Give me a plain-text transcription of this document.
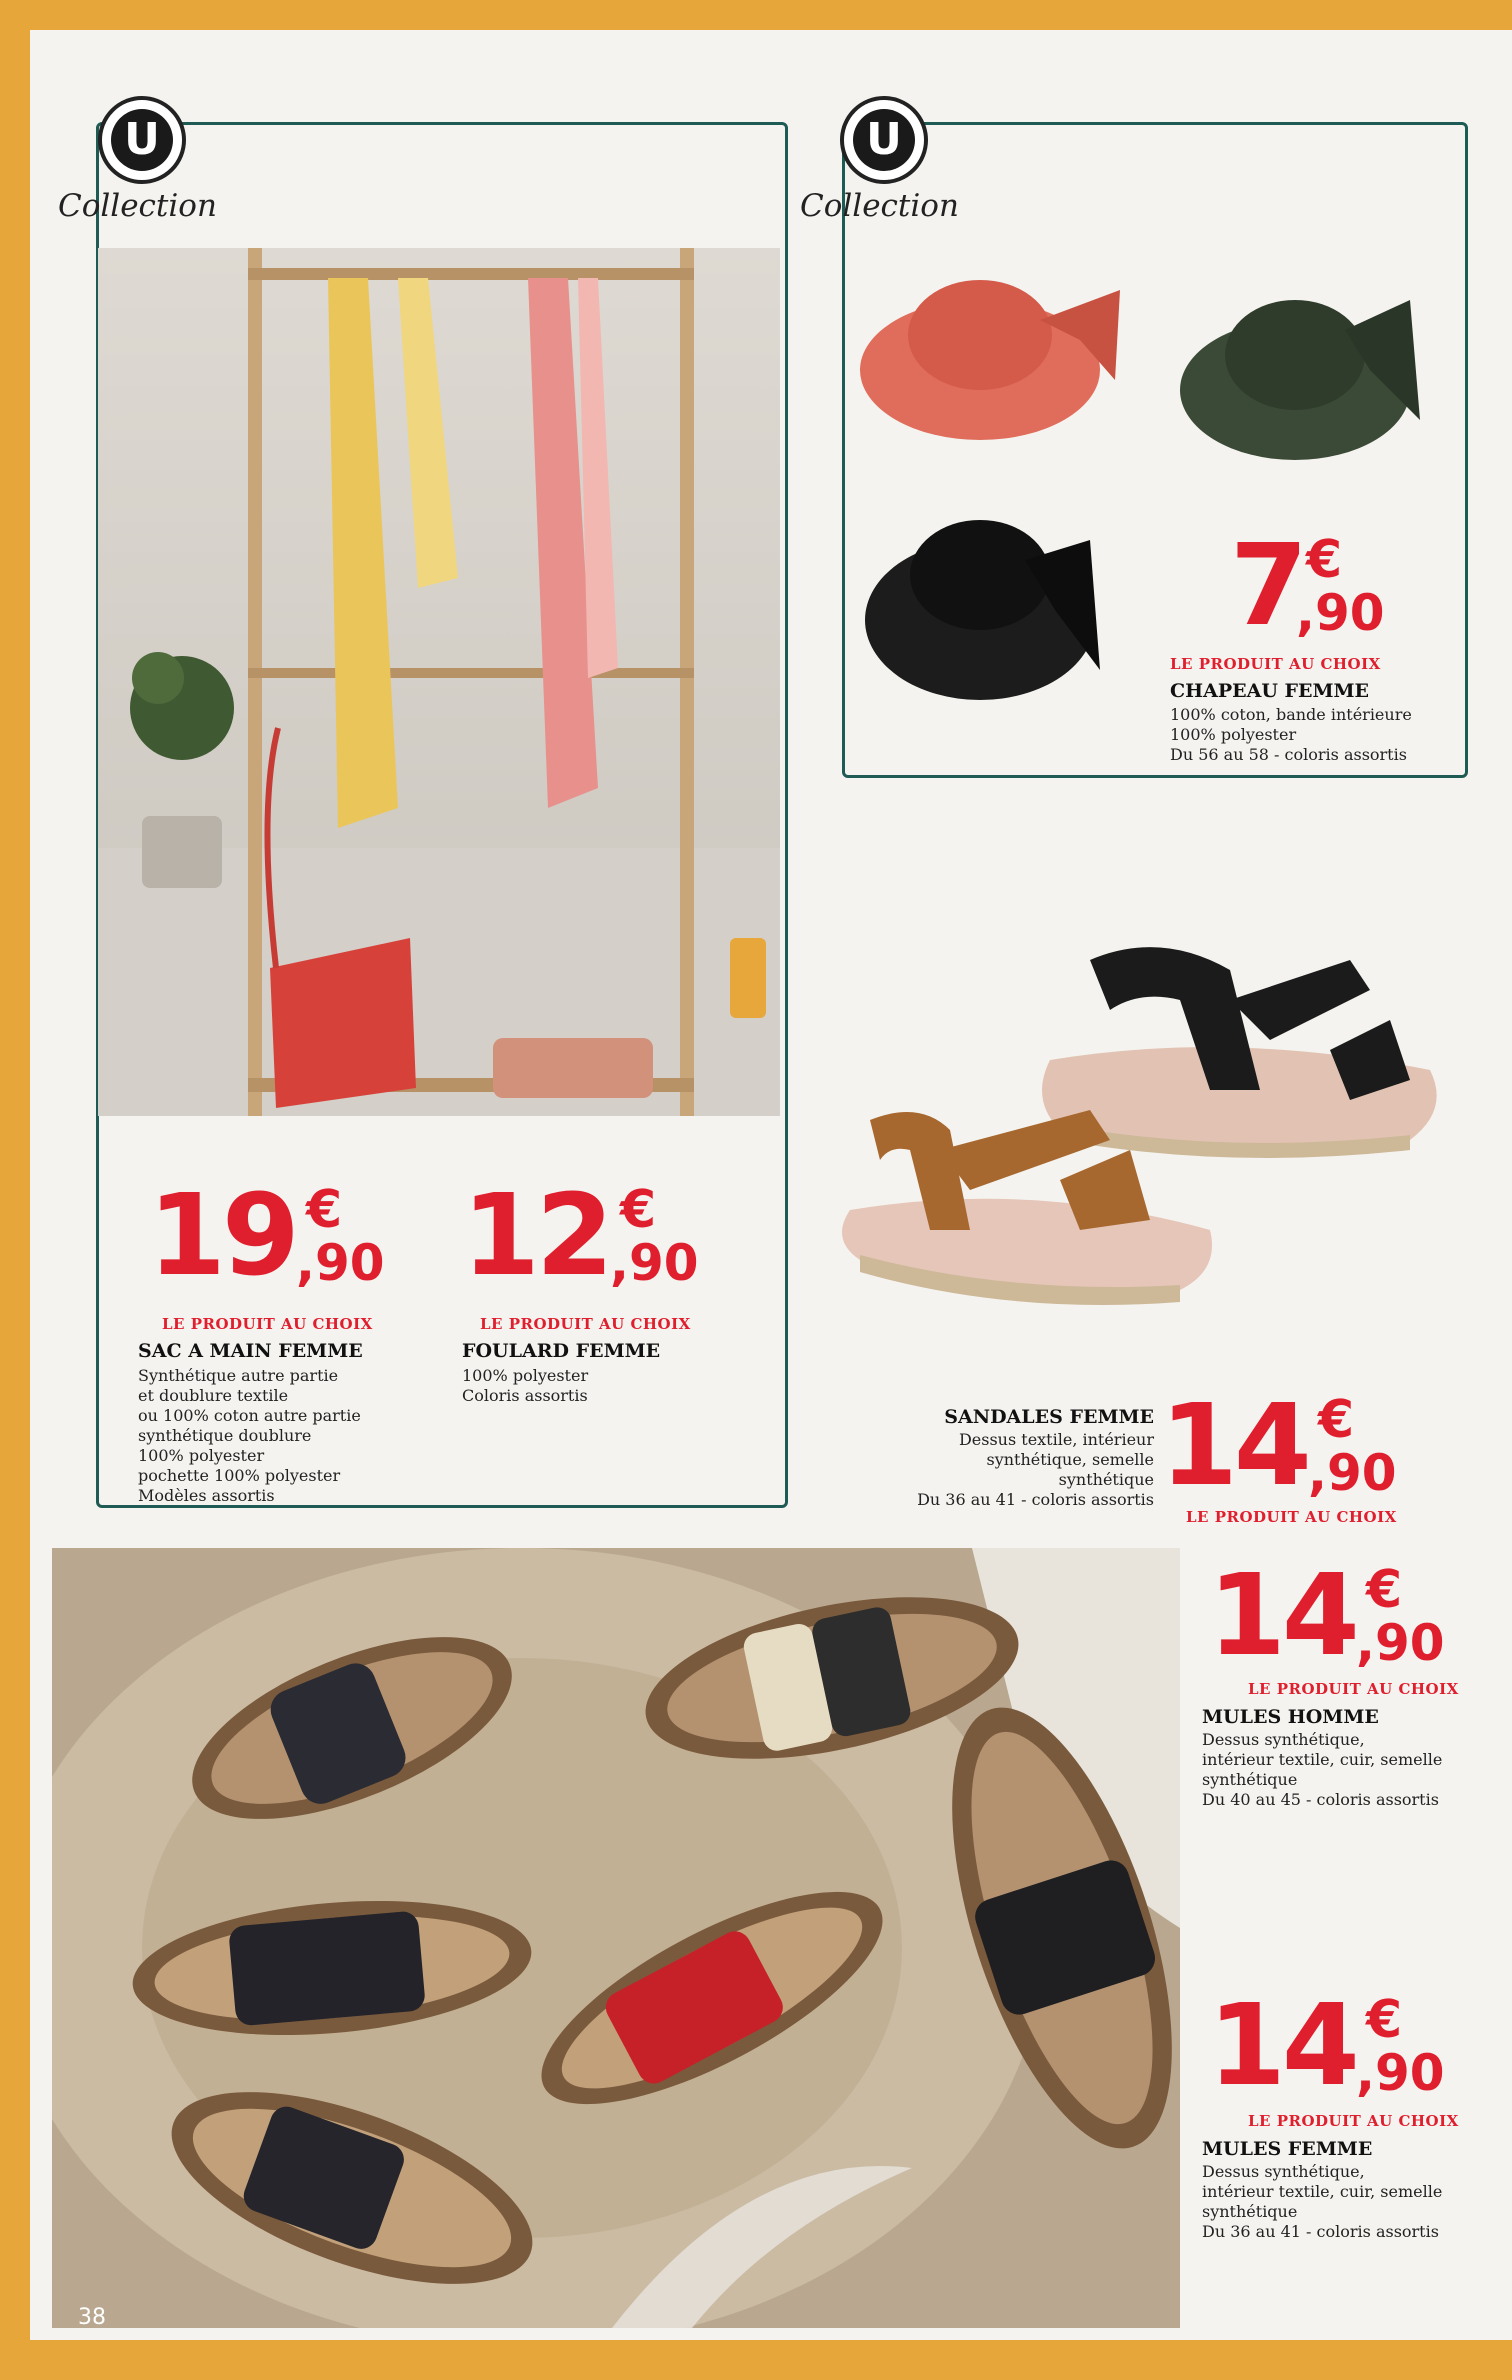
U
Collection
19 €
,90
LE PRODUIT AU CHOIX
SAC A MAIN FEMME
Synthétique autre partie
et doublure textile
ou 100% coton autre partie
synthétique doublure
100% polyester
pochette 100% polyester
Modèles assortis
12 €
,90
LE PRODUIT AU CHOIX
FOULARD FEMME
100% polyester
Coloris assortis
U
Collection
7 €
,90
LE PRODUIT AU CHOIX
CHAPEAU FEMME
100% coton, bande intérieure
100% polyester
Du 56 au 58 - coloris assortis
SANDALES FEMME
Dessus textile, intérieur
synthétique, semelle
synthétique
Du 36 au 41 - coloris assortis 14 €
,90
LE PRODUIT AU CHOIX
38
14 €
,90
LE PRODUIT AU CHOIX
MULES HOMME
Dessus synthétique,
intérieur textile, cuir, semelle
synthétique
Du 40 au 45 - coloris assortis
14 €
,90
LE PRODUIT AU CHOIX
MULES FEMME
Dessus synthétique,
intérieur textile, cuir, semelle
synthétique
Du 36 au 41 - coloris assortis
